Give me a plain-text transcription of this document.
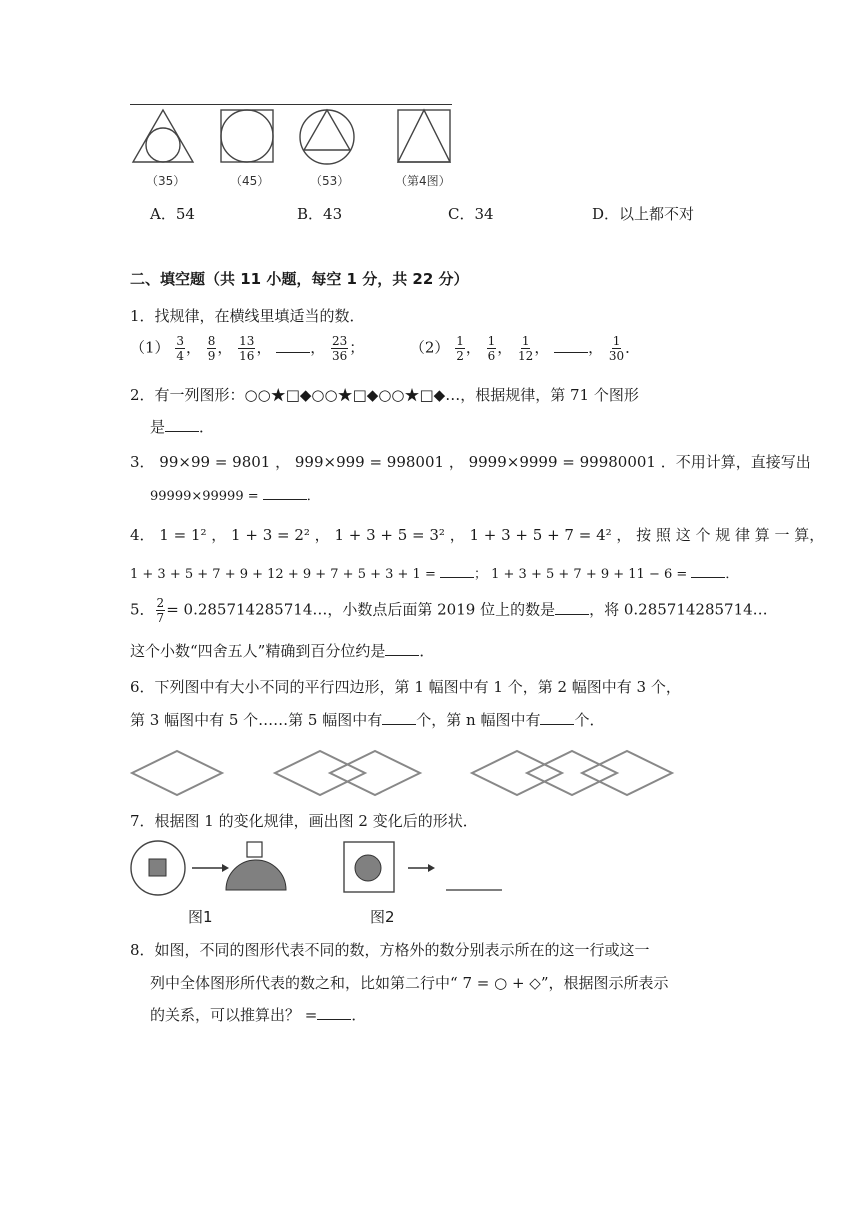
（35）	（45）	（53）	（第4图）
A．54	B．43	C．34	D．以上都不对
二、填空题（共 11 小题，每空 1 分，共 22 分）
1．找规律，在横线里填适当的数．
$(1) \frac{3}{4}$ ， $\frac{8}{9}$ ， $\frac{13}{16}$ ， ， $\frac{23}{36}$ ；	$(2) \frac{1}{2}$ ， $\frac{1}{6}$ ， $\frac{1}{12}$ ， ， $\frac{1}{30}$ ．
2．有一列图形：○○★□◆○○★□◆○○★□◆…，根据规律，第 71 个图形
是 ．
3． 99×99 = 9801 ， 999×999 = 998001 ， 9999×9999 = 99980001 ．不用计算，直接写出
99999×99999 =	．
4． 1 = 1² ， 1 + 3 = 2² ， 1 + 3 + 5 = 3² ， 1 + 3 + 5 + 7 = 4² ， 按 照 这 个 规 律 算 一 算，
1 + 3 + 5 + 7 + 9 + 12 + 9 + 7 + 5 + 3 + 1 =	； 1 + 3 + 5 + 7 + 9 + 11 − 6 =	．
5． $\frac{2}{7}$ = 0.285714285714…，小数点后面第 2019 位上的数是 ，将 0.285714285714…
这个小数“四舍五人”精确到百分位约是 ．
6．下列图中有大小不同的平行四边形，第 1 幅图中有 1 个，第 2 幅图中有 3 个，
第 3 幅图中有 5 个……第 5 幅图中有 个，第 n 幅图中有 个．
7．根据图 1 的变化规律，画出图 2 变化后的形状．
图1	图2
8．如图，不同的图形代表不同的数，方格外的数分别表示所在的这一行或这一
列中全体图形所代表的数之和，比如第二行中“ 7 = ○ + ◇”，根据图示所表示
的关系，可以推算出？ = ．
